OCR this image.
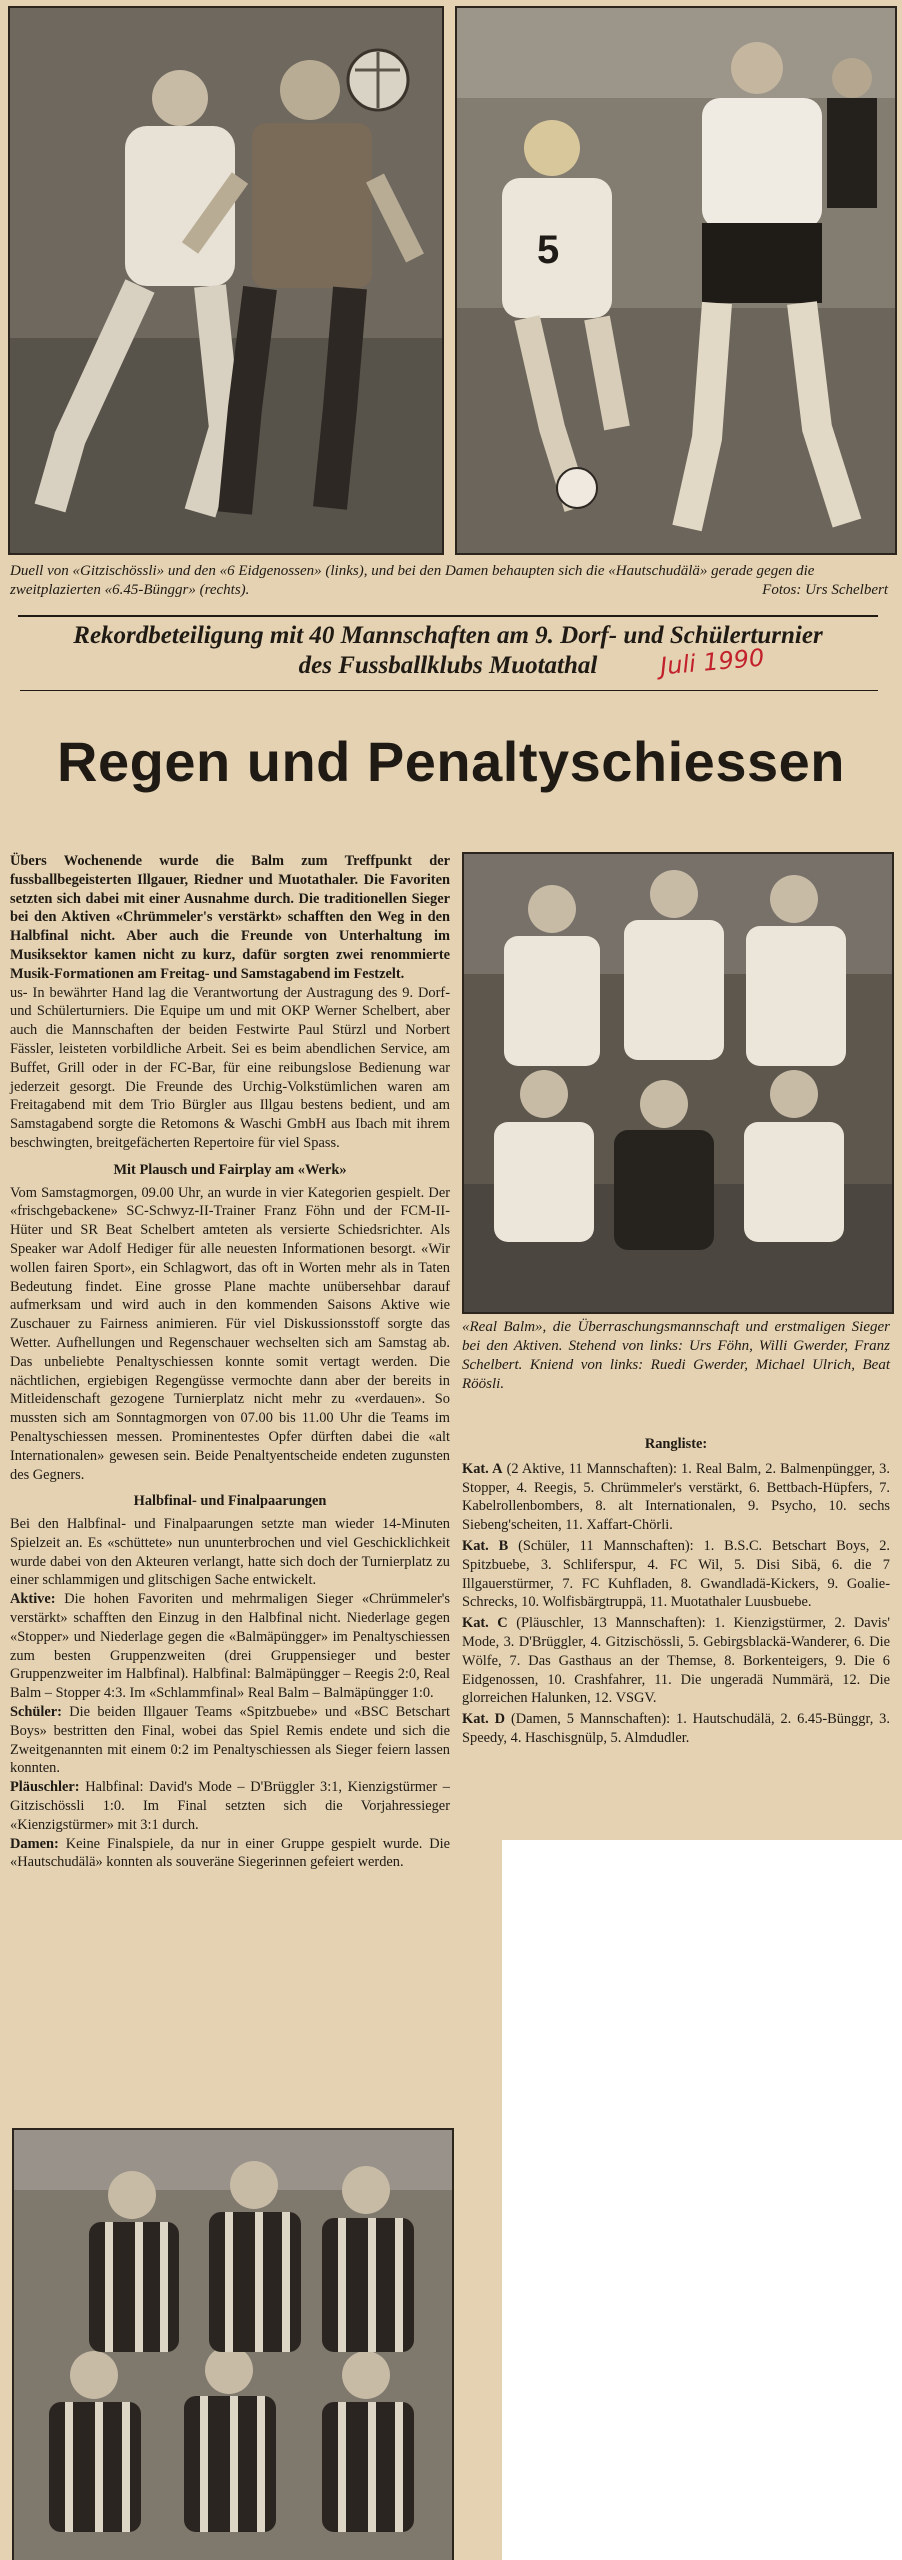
5
Duell von «Gitzischössli» und den «6 Eidgenossen» (links), und bei den Damen behaupten sich die «Hautschudälä» gerade gegen die zweitplazierten «6.45-Bünggr» (rechts).	Fotos: Urs Schelbert
Rekordbeteiligung mit 40 Mannschaften am 9. Dorf- und Schülerturnier
des Fussballklubs Muotathal	Juli 1990
Regen und Penaltyschiessen

Übers Wochenende wurde die Balm zum Treffpunkt der fussballbegeisterten Illgauer, Riedner und Muotathaler. Die Favoriten setzten sich dabei mit einer Ausnahme durch. Die traditionellen Sieger bei den Aktiven «Chrümmeler's verstärkt» schafften den Weg in den Halbfinal nicht. Aber auch die Freunde von Unterhaltung im Musiksektor kamen nicht zu kurz, dafür sorgten zwei renommierte Musik-Formationen am Freitag- und Samstagabend im Festzelt.

us- In bewährter Hand lag die Verantwortung der Austragung des 9. Dorf- und Schülerturniers. Die Equipe um und mit OKP Werner Schelbert, aber auch die Mannschaften der beiden Festwirte Paul Stürzl und Norbert Fässler, leisteten vorbildliche Arbeit. Sei es beim abendlichen Service, am Buffet, Grill oder in der FC-Bar, für eine reibungslose Bedienung war jederzeit gesorgt. Die Freunde des Urchig-Volkstümlichen waren am Freitagabend mit dem Trio Bürgler aus Illgau bestens bedient, und am Samstagabend sorgte die Retomons & Waschi GmbH aus Ibach mit ihrem beschwingten, breitgefächerten Repertoire für viel Spass.

Mit Plausch und Fairplay am «Werk»

Vom Samstagmorgen, 09.00 Uhr, an wurde in vier Kategorien gespielt. Der «frischgebackene» SC-Schwyz-II-Trainer Franz Föhn und der FCM-II-Hüter und SR Beat Schelbert amteten als versierte Schiedsrichter. Als Speaker war Adolf Hediger für alle neuesten Informationen besorgt. «Wir wollen fairen Sport», ein Schlagwort, das oft in Worten mehr als in Taten Bedeutung findet. Eine grosse Plane machte unübersehbar darauf aufmerksam und wird auch in den kommenden Saisons Aktive wie Zuschauer zu Fairness animieren. Für viel Diskussionsstoff sorgte das Wetter. Aufhellungen und Regenschauer wechselten sich am Samstag ab. Das unbeliebte Penaltyschiessen konnte somit vertagt werden. Die nächtlichen, ergiebigen Regengüsse vermochte dann aber der bereits in Mitleidenschaft gezogene Turnierplatz nicht mehr zu «verdauen». So mussten sich am Sonntagmorgen von 07.00 bis 11.00 Uhr die Teams im Penaltyschiessen messen. Prominentestes Opfer dürften dabei die «alt Internationalen» gewesen sein. Beide Penaltyentscheide endeten zugunsten des Gegners.

Halbfinal- und Finalpaarungen

Bei den Halbfinal- und Finalpaarungen setzte man wieder 14-Minuten Spielzeit an. Es «schüttete» nun ununterbrochen und viel Geschicklichkeit wurde dabei von den Akteuren verlangt, hatte sich doch der Turnierplatz zu einer schlammigen und glitschigen Sache entwickelt.

Aktive: Die hohen Favoriten und mehrmaligen Sieger «Chrümmeler's verstärkt» schafften den Einzug in den Halbfinal nicht. Niederlage gegen «Stopper» und Niederlage gegen die «Balmäpüngger» im Penaltyschiessen zum besten Gruppenzweiten (drei Gruppensieger und bester Gruppenzweiter im Halbfinal). Halbfinal: Balmäpüngger – Reegis 2:0, Real Balm – Stopper 4:3. Im «Schlammfinal» Real Balm – Balmäpüngger 1:0.

Schüler: Die beiden Illgauer Teams «Spitzbuebe» und «BSC Betschart Boys» bestritten den Final, wobei das Spiel Remis endete und sich die Zweitgenannten mit einem 0:2 im Penaltyschiessen als Sieger feiern lassen konnten.

Pläuschler: Halbfinal: David's Mode – D'Brüggler 3:1, Kienzigstürmer – Gitzischössli 1:0. Im Final setzten sich die Vorjahressieger «Kienzigstürmer» mit 3:1 durch.

Damen: Keine Finalspiele, da nur in einer Gruppe gespielt wurde. Die «Hautschudälä» konnten als souveräne Siegerinnen gefeiert werden.

«Real Balm», die Überraschungsmannschaft und erstmaligen Sieger bei den Aktiven. Stehend von links: Urs Föhn, Willi Gwerder, Franz Schelbert. Kniend von links: Ruedi Gwerder, Michael Ulrich, Beat Röösli.
Rangliste:

Kat. A (2 Aktive, 11 Mannschaften): 1. Real Balm, 2. Balmenpüngger, 3. Stopper, 4. Reegis, 5. Chrümmeler's verstärkt, 6. Bettbach-Hüpfers, 7. Kabelrollenbombers, 8. alt Internationalen, 9. Psycho, 10. sechs Siebeng'scheiten, 11. Xaffart-Chörli.

Kat. B (Schüler, 11 Mannschaften): 1. B.S.C. Betschart Boys, 2. Spitzbuebe, 3. Schliferspur, 4. FC Wil, 5. Disi Sibä, 6. die 7 Illgauerstürmer, 7. FC Kuhfladen, 8. Gwandladä-Kickers, 9. Goalie-Schrecks, 10. Wolfisbärgtruppä, 11. Muotathaler Luusbuebe.

Kat. C (Pläuschler, 13 Mannschaften): 1. Kienzigstürmer, 2. Davis' Mode, 3. D'Brüggler, 4. Gitzischössli, 5. Gebirgsblackä-Wanderer, 6. Die Wölfe, 7. Das Gasthaus an der Themse, 8. Borkenteigers, 9. Die 6 Eidgenossen, 10. Crashfahrer, 11. Die ungeradä Nummärä, 12. Die glorreichen Halunken, 12. VSGV.

Kat. D (Damen, 5 Mannschaften): 1. Hautschudälä, 2. 6.45-Bünggr, 3. Speedy, 4. Haschisgnülp, 5. Almdudler.
